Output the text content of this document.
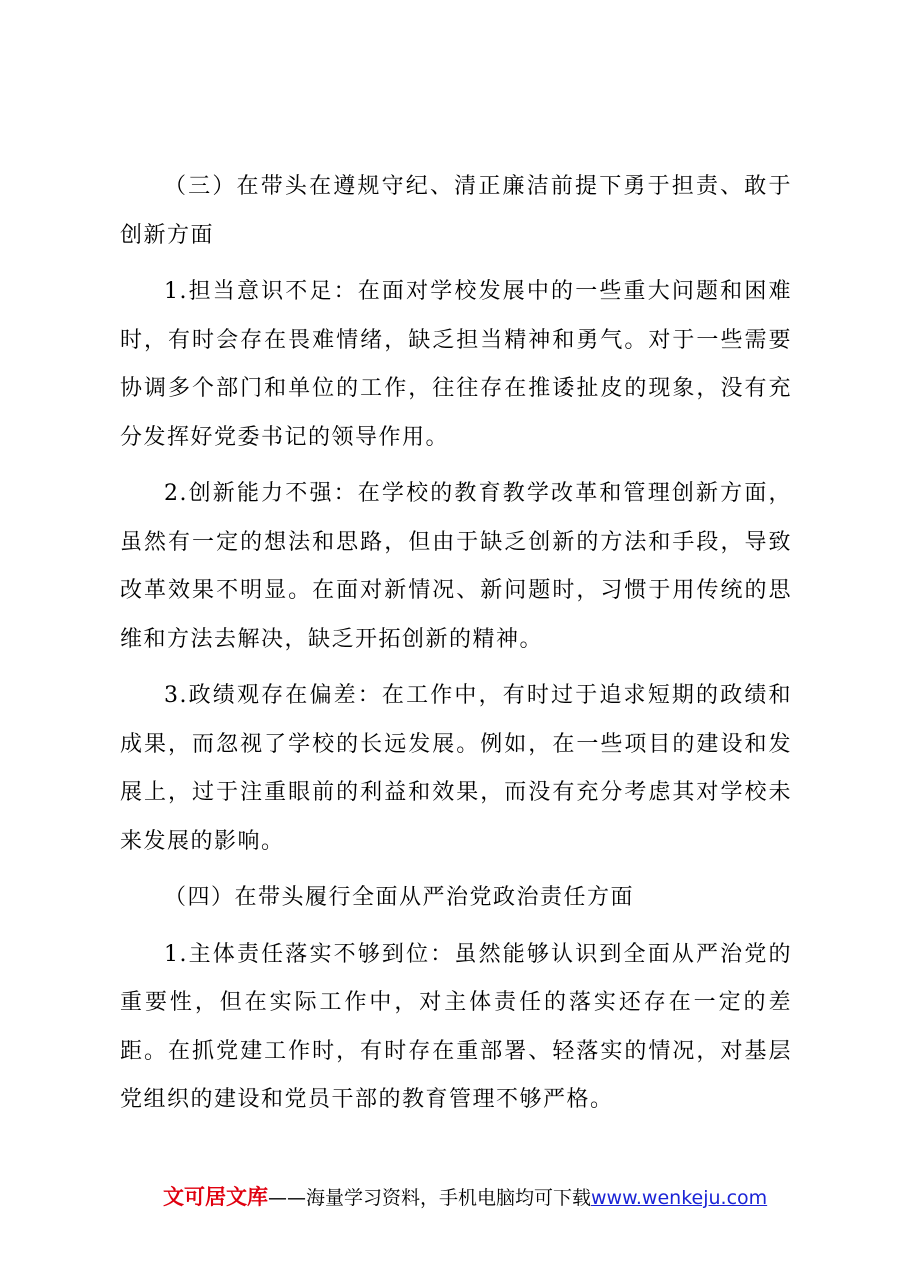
（三）在带头在遵规守纪、清正廉洁前提下勇于担责、敢于创新方面

1.担当意识不足：在面对学校发展中的一些重大问题和困难时，有时会存在畏难情绪，缺乏担当精神和勇气。对于一些需要协调多个部门和单位的工作，往往存在推诿扯皮的现象，没有充分发挥好党委书记的领导作用。

2.创新能力不强：在学校的教育教学改革和管理创新方面，虽然有一定的想法和思路，但由于缺乏创新的方法和手段，导致改革效果不明显。在面对新情况、新问题时，习惯于用传统的思维和方法去解决，缺乏开拓创新的精神。

3.政绩观存在偏差：在工作中，有时过于追求短期的政绩和成果，而忽视了学校的长远发展。例如，在一些项目的建设和发展上，过于注重眼前的利益和效果，而没有充分考虑其对学校未来发展的影响。

（四）在带头履行全面从严治党政治责任方面

1.主体责任落实不够到位：虽然能够认识到全面从严治党的重要性，但在实际工作中，对主体责任的落实还存在一定的差距。在抓党建工作时，有时存在重部署、轻落实的情况，对基层党组织的建设和党员干部的教育管理不够严格。

文可居文库——海量学习资料，手机电脑均可下载www.wenkeju.com
